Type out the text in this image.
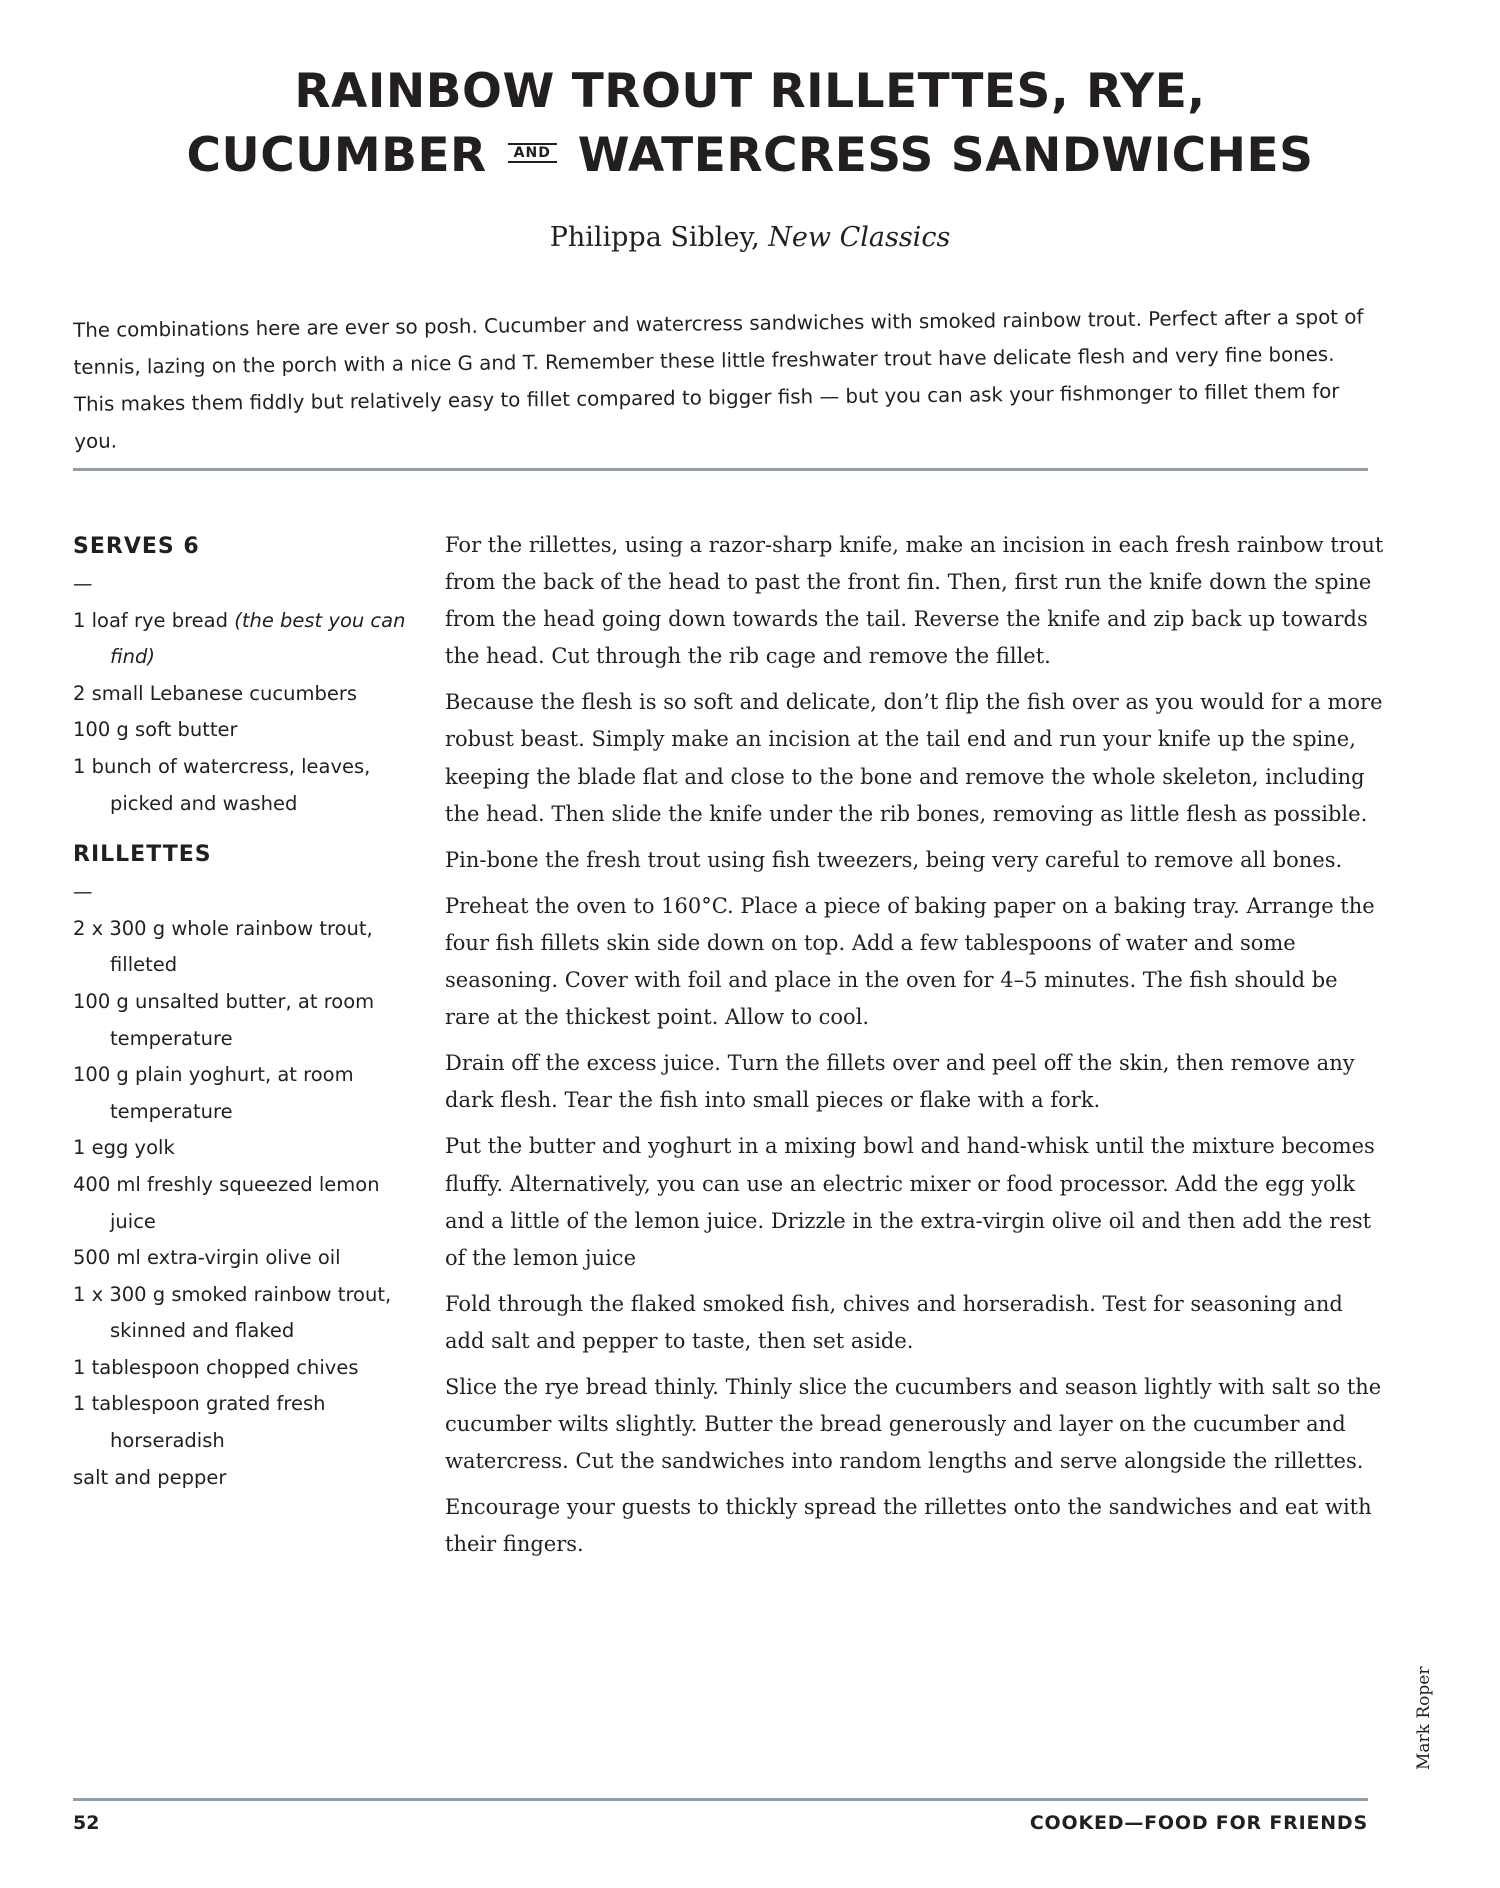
RAINBOW TROUT RILLETTES, RYE,
CUCUMBER AND WATERCRESS SANDWICHES
Philippa Sibley, New Classics
The combinations here are ever so posh. Cucumber and watercress sandwiches with smoked rainbow trout. Perfect after a spot of tennis, lazing on the porch with a nice G and T. Remember these little freshwater trout have delicate flesh and very fine bones. This makes them fiddly but relatively easy to fillet compared to bigger fish — but you can ask your fishmonger to fillet them for you.
SERVES 6
—
1 loaf rye bread (the best you can find)
2 small Lebanese cucumbers
100 g soft butter
1 bunch of watercress, leaves, picked and washed
RILLETTES
—
2 x 300 g whole rainbow trout, filleted
100 g unsalted butter, at room temperature
100 g plain yoghurt, at room temperature
1 egg yolk
400 ml freshly squeezed lemon juice
500 ml extra-virgin olive oil
1 x 300 g smoked rainbow trout, skinned and flaked
1 tablespoon chopped chives
1 tablespoon grated fresh horseradish
salt and pepper

For the rillettes, using a razor-sharp knife, make an incision in each fresh rainbow trout from the back of the head to past the front fin. Then, first run the knife down the spine from the head going down towards the tail. Reverse the knife and zip back up towards the head. Cut through the rib cage and remove the fillet.

Because the flesh is so soft and delicate, don’t flip the fish over as you would for a more robust beast. Simply make an incision at the tail end and run your knife up the spine, keeping the blade flat and close to the bone and remove the whole skeleton, including the head. Then slide the knife under the rib bones, removing as little flesh as possible.

Pin-bone the fresh trout using fish tweezers, being very careful to remove all bones.

Preheat the oven to 160°C. Place a piece of baking paper on a baking tray. Arrange the four fish fillets skin side down on top. Add a few tablespoons of water and some seasoning. Cover with foil and place in the oven for 4–5 minutes. The fish should be rare at the thickest point. Allow to cool.

Drain off the excess juice. Turn the fillets over and peel off the skin, then remove any dark flesh. Tear the fish into small pieces or flake with a fork.

Put the butter and yoghurt in a mixing bowl and hand-whisk until the mixture becomes fluffy. Alternatively, you can use an electric mixer or food processor. Add the egg yolk and a little of the lemon juice. Drizzle in the extra-virgin olive oil and then add the rest of the lemon juice

Fold through the flaked smoked fish, chives and horseradish. Test for seasoning and add salt and pepper to taste, then set aside.

Slice the rye bread thinly. Thinly slice the cucumbers and season lightly with salt so the cucumber wilts slightly. Butter the bread generously and layer on the cucumber and watercress. Cut the sandwiches into random lengths and serve alongside the rillettes.

Encourage your guests to thickly spread the rillettes onto the sandwiches and eat with their fingers.

Mark Roper
52	COOKED—FOOD FOR FRIENDS
